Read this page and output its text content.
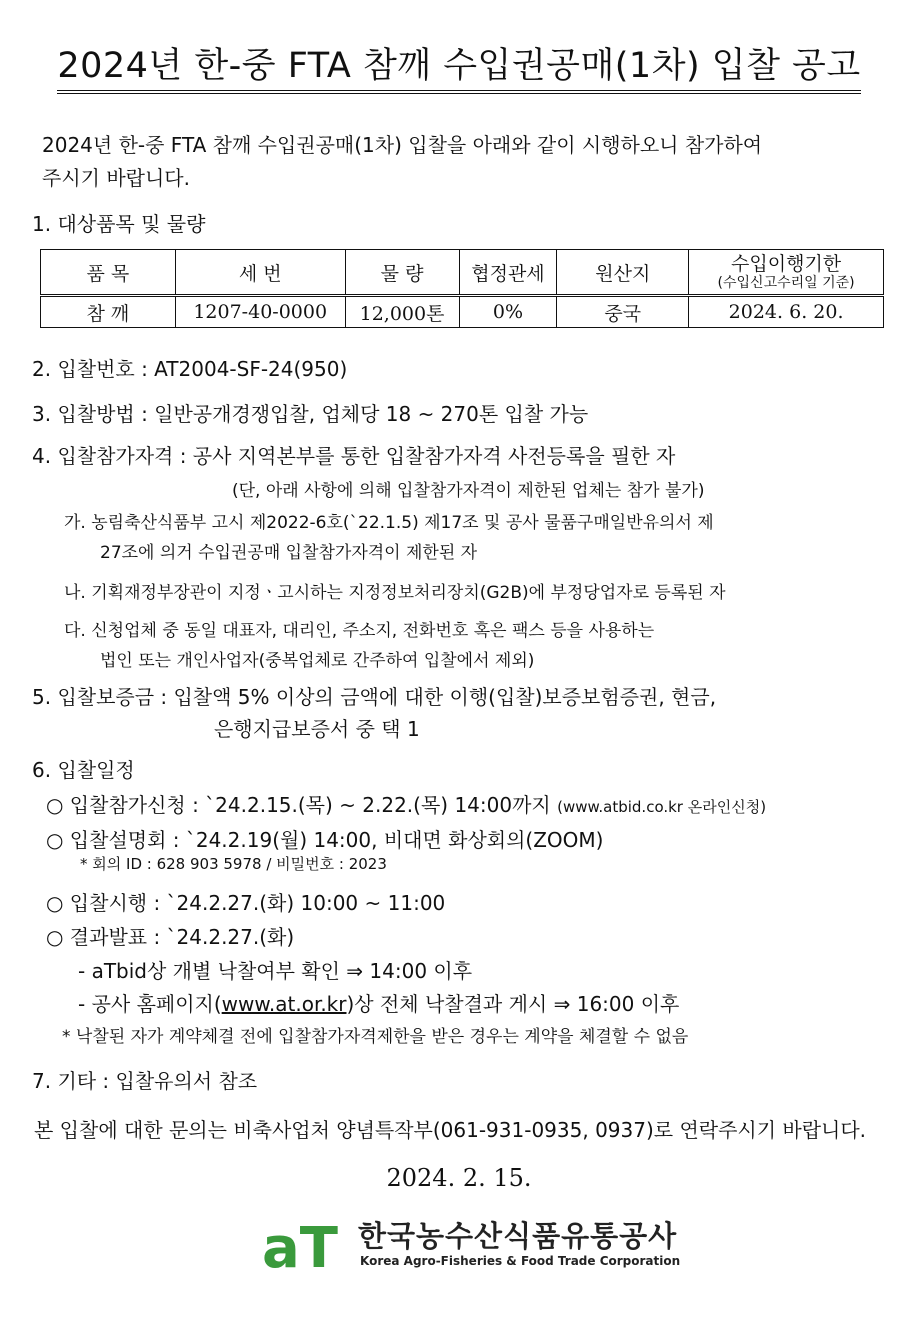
2024년 한-중 FTA 참깨 수입권공매(1차) 입찰 공고
2024년 한-중 FTA 참깨 수입권공매(1차) 입찰을 아래와 같이 시행하오니 참가하여
주시기 바랍니다.
1. 대상품목 및 물량
품 목	세 번	물 량	협정관세	원산지	수입이행기한
(수입신고수리일 기준)

참 깨	1207-40-0000	12,000톤	0%	중국	2024. 6. 20.
2. 입찰번호 : AT2004-SF-24(950)
3. 입찰방법 : 일반공개경쟁입찰, 업체당 18 ~ 270톤 입찰 가능
4. 입찰참가자격 : 공사 지역본부를 통한 입찰참가자격 사전등록을 필한 자
(단, 아래 사항에 의해 입찰참가자격이 제한된 업체는 참가 불가)
가. 농림축산식품부 고시 제2022-6호(`22.1.5) 제17조 및 공사 물품구매일반유의서 제
27조에 의거 수입권공매 입찰참가자격이 제한된 자
나. 기획재정부장관이 지정ㆍ고시하는 지정정보처리장치(G2B)에 부정당업자로 등록된 자
다. 신청업체 중 동일 대표자, 대리인, 주소지, 전화번호 혹은 팩스 등을 사용하는
법인 또는 개인사업자(중복업체로 간주하여 입찰에서 제외)
5. 입찰보증금 : 입찰액 5% 이상의 금액에 대한 이행(입찰)보증보험증권, 현금,
은행지급보증서 중 택 1
6. 입찰일정
○ 입찰참가신청 : `24.2.15.(목) ~ 2.22.(목) 14:00까지 (www.atbid.co.kr 온라인신청)
○ 입찰설명회 : `24.2.19(월) 14:00, 비대면 화상회의(ZOOM)
* 회의 ID : 628 903 5978 / 비밀번호 : 2023
○ 입찰시행 : `24.2.27.(화) 10:00 ~ 11:00
○ 결과발표 : `24.2.27.(화)
- aTbid상 개별 낙찰여부 확인 ⇒ 14:00 이후
- 공사 홈페이지(www.at.or.kr)상 전체 낙찰결과 게시 ⇒ 16:00 이후
* 낙찰된 자가 계약체결 전에 입찰참가자격제한을 받은 경우는 계약을 체결할 수 없음
7. 기타 : 입찰유의서 참조
본 입찰에 대한 문의는 비축사업처 양념특작부(061-931-0935, 0937)로 연락주시기 바랍니다.
2024. 2. 15.
aT 한국농수산식품유통공사
Korea Agro-Fisheries & Food Trade Corporation
